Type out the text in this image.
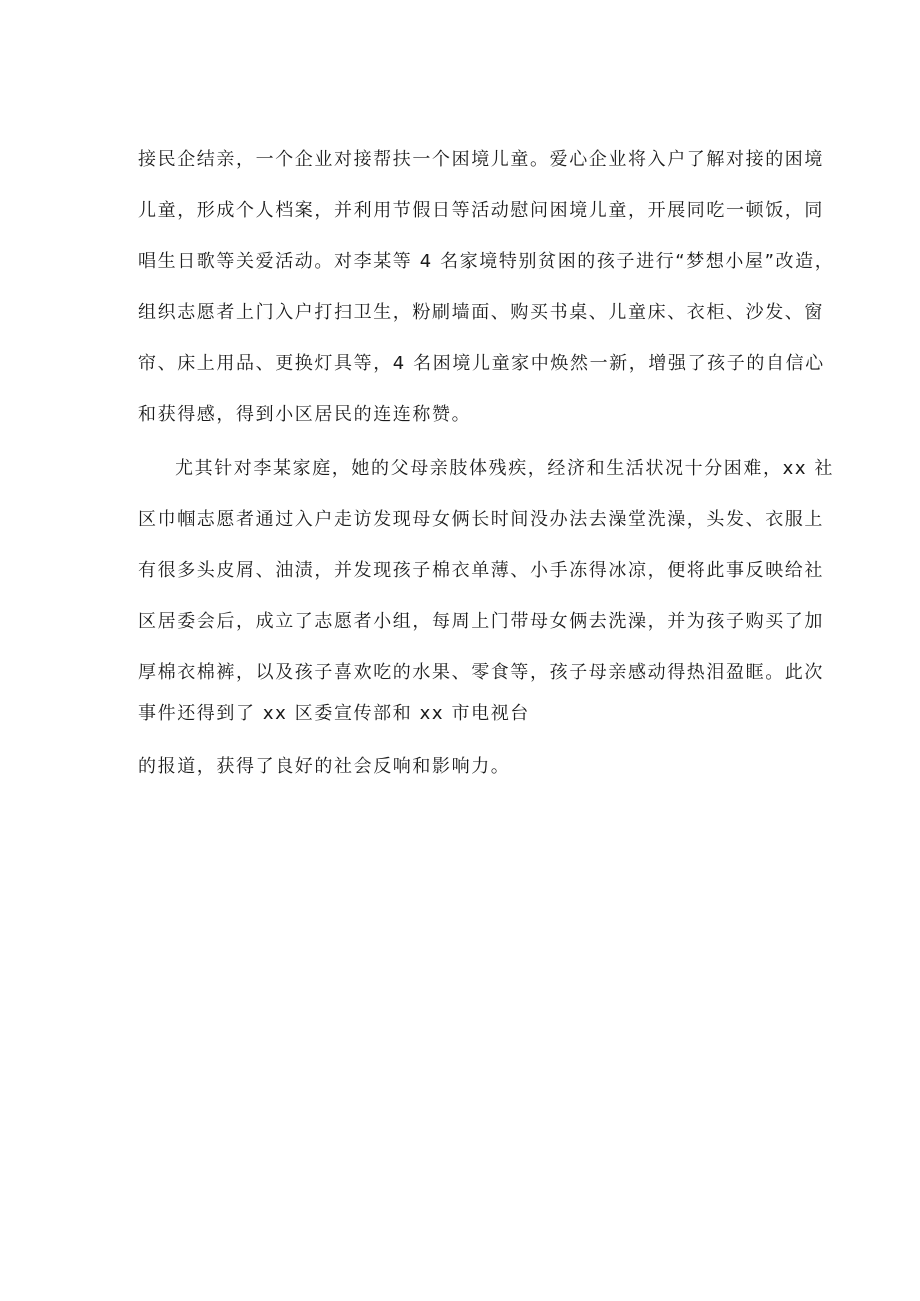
接民企结亲，一个企业对接帮扶一个困境儿童。爱心企业将入户了解对接的困境
儿童，形成个人档案，并利用节假日等活动慰问困境儿童，开展同吃一顿饭，同
唱生日歌等关爱活动。对李某等 4 名家境特别贫困的孩子进行“梦想小屋”改造，
组织志愿者上门入户打扫卫生，粉刷墙面、购买书桌、儿童床、衣柜、沙发、窗
帘、床上用品、更换灯具等，4 名困境儿童家中焕然一新，增强了孩子的自信心
和获得感，得到小区居民的连连称赞。
尤其针对李某家庭，她的父母亲肢体残疾，经济和生活状况十分困难，xx 社
区巾帼志愿者通过入户走访发现母女俩长时间没办法去澡堂洗澡，头发、衣服上
有很多头皮屑、油渍，并发现孩子棉衣单薄、小手冻得冰凉，便将此事反映给社
区居委会后，成立了志愿者小组，每周上门带母女俩去洗澡，并为孩子购买了加
厚棉衣棉裤，以及孩子喜欢吃的水果、零食等，孩子母亲感动得热泪盈眶。此次
事件还得到了 xx 区委宣传部和 xx 市电视台
的报道，获得了良好的社会反响和影响力。
